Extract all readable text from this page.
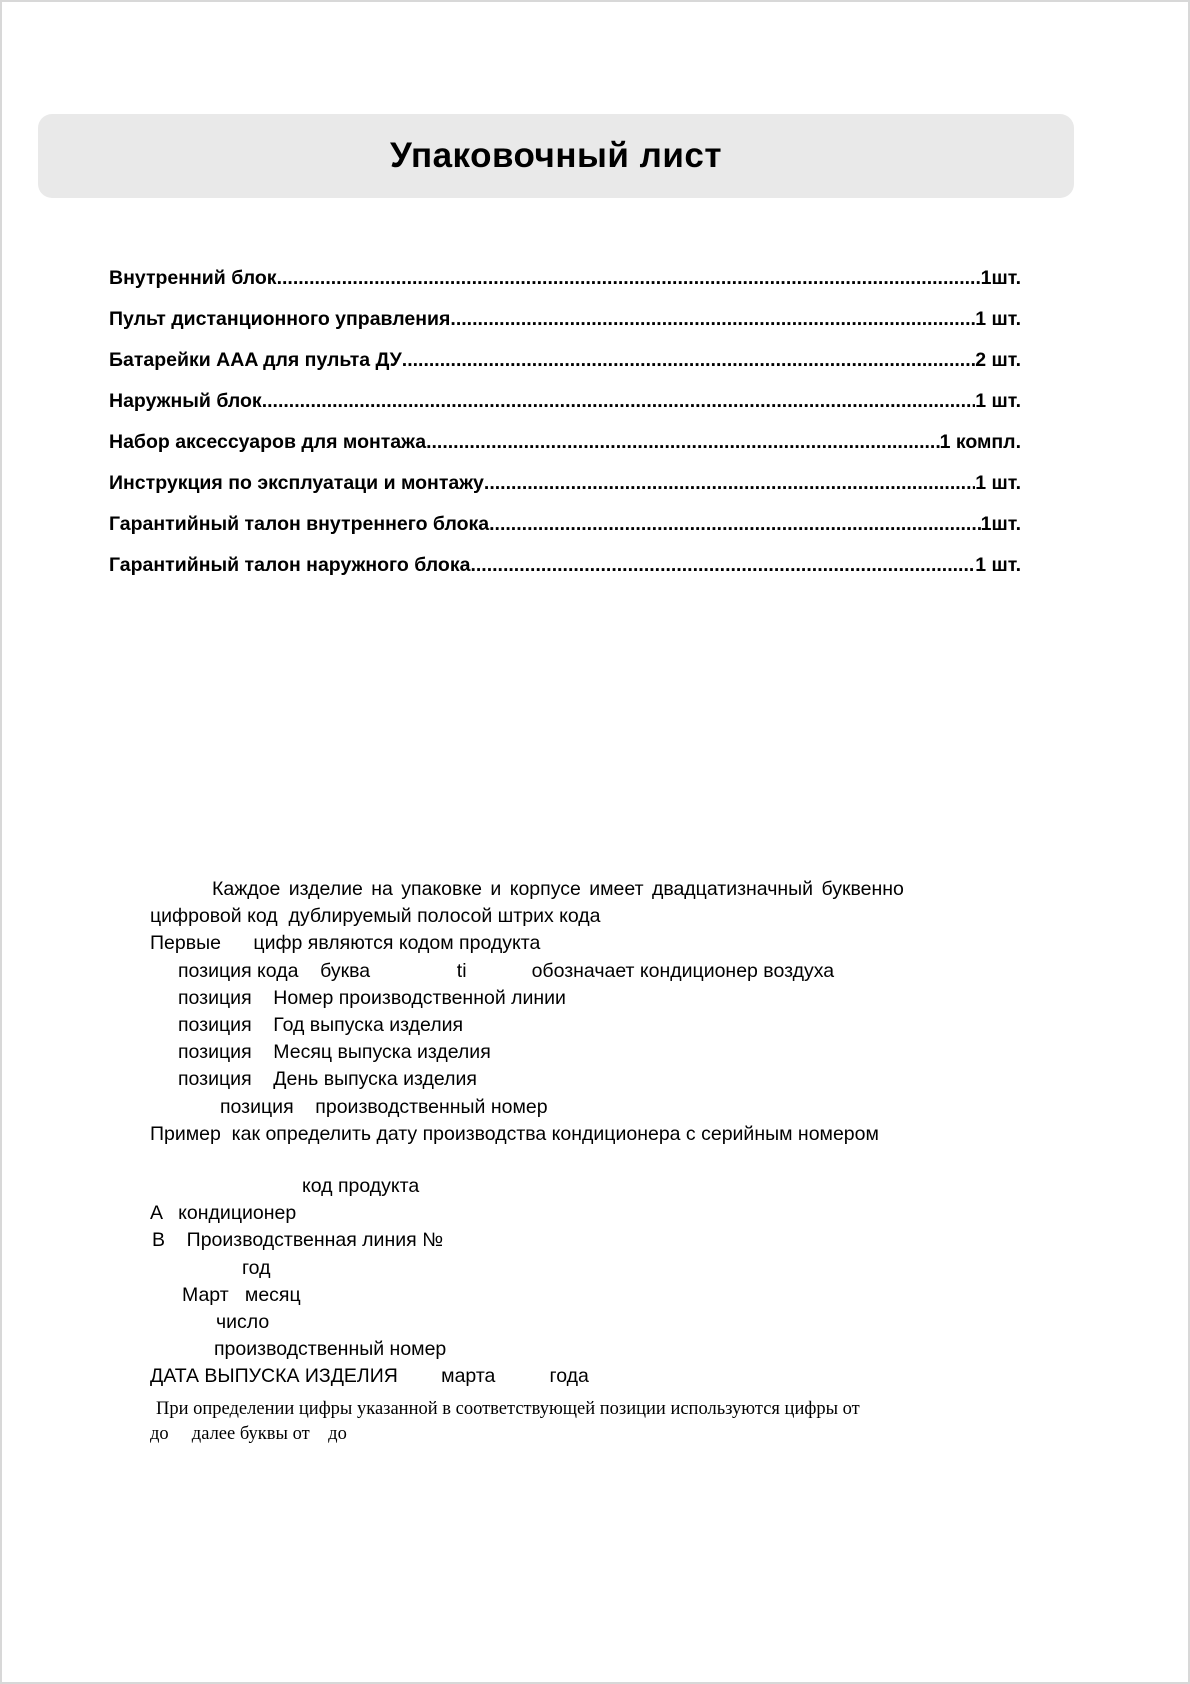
Упаковочный лист
Внутренний блок .....	1шт.
Пульт дистанционного управления .....	1 шт.
Батарейки AAA для пульта ДУ .....	2 шт.
Наружный блок .....	1 шт.
Набор аксессуаров для монтажа .....	1 компл.
Инструкция по эксплуатаци и монтажу .....	1 шт.
Гарантийный талон внутреннего блока .....	1шт.
Гарантийный талон наружного блока .....	1 шт.
Каждое изделие на упаковке и корпусе имеет двадцатизначный буквенно
цифровой код  дублируемый полосой штрих кода
Первые      цифр являются кодом продукта
позиция кода    буква                ti            обозначает кондиционер воздуха
позиция    Номер производственной линии
позиция    Год выпуска изделия
позиция    Месяц выпуска изделия
позиция    День выпуска изделия
позиция    производственный номер
Пример  как определить дату производства кондиционера с серийным номером
код продукта
A   кондиционер
B    Производственная линия №
год
Март   месяц
число
производственный номер
ДАТА ВЫПУСКА ИЗДЕЛИЯ        марта          года
При определении цифры указанной в соответствующей позиции используются цифры от
до     далее буквы от    до
